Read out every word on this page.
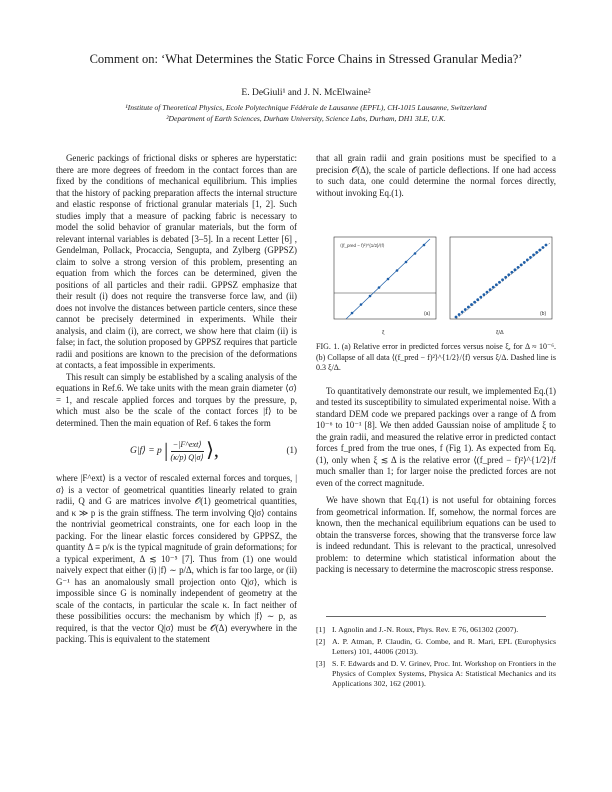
Comment on: ‘What Determines the Static Force Chains in Stressed Granular Media?’
E. DeGiuli¹ and J. N. McElwaine²
¹Institute of Theoretical Physics, Ecole Polytechnique Fédérale de Lausanne (EPFL), CH-1015 Lausanne, Switzerland
²Department of Earth Sciences, Durham University, Science Labs, Durham, DH1 3LE, U.K.

Generic packings of frictional disks or spheres are hyperstatic: there are more degrees of freedom in the contact forces than are fixed by the conditions of mechanical equilibrium. This implies that the history of packing preparation affects the internal structure and elastic response of frictional granular materials [1, 2]. Such studies imply that a measure of packing fabric is necessary to model the solid behavior of granular materials, but the form of relevant internal variables is debated [3–5]. In a recent Letter [6] , Gendelman, Pollack, Procaccia, Sengupta, and Zylberg (GPPSZ) claim to solve a strong version of this problem, presenting an equation from which the forces can be determined, given the positions of all particles and their radii. GPPSZ emphasize that their result (i) does not require the transverse force law, and (ii) does not involve the distances between particle centers, since these cannot be precisely determined in experiments. While their analysis, and claim (i), are correct, we show here that claim (ii) is false; in fact, the solution proposed by GPPSZ requires that particle radii and positions are known to the precision of the deformations at contacts, a feat impossible in experiments.

This result can simply be established by a scaling analysis of the equations in Ref.6. We take units with the mean grain diameter ⟨σ⟩ = 1, and rescale applied forces and torques by the pressure, p, which must also be the scale of the contact forces |f⟩ to be determined. Then the main equation of Ref. 6 takes the form

G|f⟩ = p | $\frac{\text{−|F\textasciicircum{}ext⟩}}{(\kappa/p) Q|\sigma⟩}$ ⟩,	(1)

where |F^ext⟩ is a vector of rescaled external forces and torques, |σ⟩ is a vector of geometrical quantities linearly related to grain radii, Q and G are matrices involve 𝒪(1) geometrical quantities, and κ ≫ p is the grain stiffness. The term involving Q|σ⟩ contains the nontrivial geometrical constraints, one for each loop in the packing. For the linear elastic forces considered by GPPSZ, the quantity Δ ≡ p/κ is the typical magnitude of grain deformations; for a typical experiment, Δ ≲ 10⁻⁵ [7]. Thus from (1) one would naively expect that either (i) |f⟩ ∼ p/Δ, which is far too large, or (ii) G⁻¹ has an anomalously small projection onto Q|σ⟩, which is impossible since G is nominally independent of geometry at the scale of the contacts, in particular the scale κ. In fact neither of these possibilities occurs: the mechanism by which |f⟩ ∼ p, as required, is that the vector Q|σ⟩ must be 𝒪(Δ) everywhere in the packing. This is equivalent to the statement

that all grain radii and grain positions must be specified to a precision 𝒪(Δ), the scale of particle deflections. If one had access to such data, one could determine the normal forces directly, without invoking Eq.(1).

⟨(f_pred − f)²⟩^{1/2}/⟨f⟩
(a)
ξ
(b)
ξ/Δ
FIG. 1. (a) Relative error in predicted forces versus noise ξ, for Δ ≈ 10⁻⁶. (b) Collapse of all data ⟨(f_pred − f)²⟩^{1/2}/⟨f⟩ versus ξ/Δ. Dashed line is 0.3 ξ/Δ.

To quantitatively demonstrate our result, we implemented Eq.(1) and tested its susceptibility to simulated experimental noise. With a standard DEM code we prepared packings over a range of Δ from 10⁻⁶ to 10⁻¹ [8]. We then added Gaussian noise of amplitude ξ to the grain radii, and measured the relative error in predicted contact forces f_pred from the true ones, f (Fig 1). As expected from Eq.(1), only when ξ ≲ Δ is the relative error ⟨(f_pred − f)²⟩^{1/2}/f much smaller than 1; for larger noise the predicted forces are not even of the correct magnitude.

We have shown that Eq.(1) is not useful for obtaining forces from geometrical information. If, somehow, the normal forces are known, then the mechanical equilibrium equations can be used to obtain the transverse forces, showing that the transverse force law is indeed redundant. This is relevant to the practical, unresolved problem: to determine which statistical information about the packing is necessary to determine the macroscopic stress response.

[1] I. Agnolin and J.-N. Roux, Phys. Rev. E 76, 061302 (2007).
[2] A. P. Atman, P. Claudin, G. Combe, and R. Mari, EPL (Europhysics Letters) 101, 44006 (2013).
[3] S. F. Edwards and D. V. Grinev, Proc. Int. Workshop on Frontiers in the Physics of Complex Systems, Physica A: Statistical Mechanics and its Applications 302, 162 (2001).
